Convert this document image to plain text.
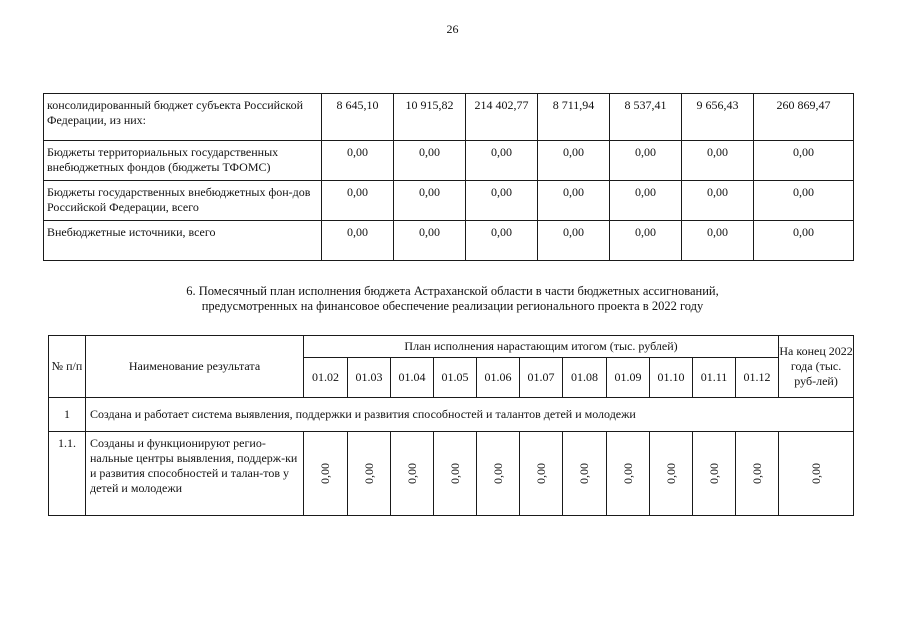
26
консолидированный бюджет субъекта Российской Федерации, из них:	8 645,10	10 915,82	214 402,77	8 711,94	8 537,41	9 656,43	260 869,47
Бюджеты территориальных государственных внебюджетных фондов (бюджеты ТФОМС)	0,00	0,00	0,00	0,00	0,00	0,00	0,00
Бюджеты государственных внебюджетных фон-дов Российской Федерации, всего	0,00	0,00	0,00	0,00	0,00	0,00	0,00
Внебюджетные источники, всего	0,00	0,00	0,00	0,00	0,00	0,00	0,00
6. Помесячный план исполнения бюджета Астраханской области в части бюджетных ассигнований,
предусмотренных на финансовое обеспечение реализации регионального проекта в 2022 году
№ п/п	Наименование результата	План исполнения нарастающим итогом (тыс. рублей)											На конец 2022 года (тыс. руб-лей)
		01.02	01.03	01.04	01.05	01.06	01.07	01.08	01.09	01.10	01.11	01.12	
1	Создана и работает система выявления, поддержки и развития способностей и талантов детей и молодежи												
1.1.	Созданы и функционируют регио-нальные центры выявления, поддерж-ки и развития способностей и талан-тов у детей и молодежи	0,00	0,00	0,00	0,00	0,00	0,00	0,00	0,00	0,00	0,00	0,00	0,00
